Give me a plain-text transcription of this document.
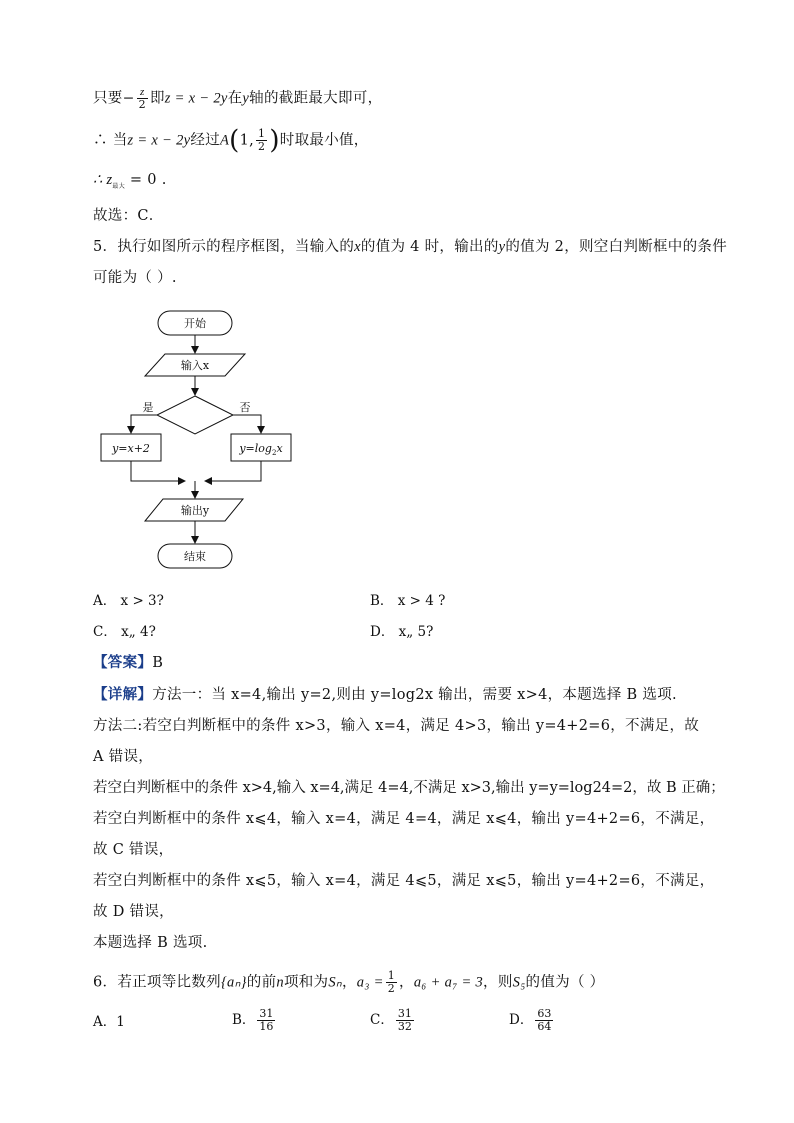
只要− $\frac{z}{2}$ 即z = x − 2y在y轴的截距最大即可，
∴ 当z = x − 2y经过A(1, $\frac{1}{2}$ )时取最小值，
∴ $z_{最大} = 0$ .
故选：C．
5．执行如图所示的程序框图，当输入的x的值为 4 时，输出的y的值为 2，则空白判断框中的条件
可能为（ ）.
开始
输入x
是	否
y=x+2	$y=\log_2x$
输出y
结束
A． x > 3?	B． x > 4 ?
C． x„ 4?	D． x„ 5?
【答案】B
【详解】方法一：当 x=4,输出 y=2,则由 y=log2x 输出，需要 x>4，本题选择 B 选项.
方法二:若空白判断框中的条件 x>3，输入 x=4，满足 4>3，输出 y=4+2=6，不满足，故
A 错误，
若空白判断框中的条件 x>4,输入 x=4,满足 4=4,不满足 x>3,输出 y=y=log24=2，故 B 正确；
若空白判断框中的条件 x⩽4，输入 x=4，满足 4=4，满足 x⩽4，输出 y=4+2=6，不满足，
故 C 错误，
若空白判断框中的条件 x⩽5，输入 x=4，满足 4⩽5，满足 x⩽5，输出 y=4+2=6，不满足，
故 D 错误，
本题选择 B 选项.
6．若正项等比数列{aₙ}的前n项和为Sₙ，$a_3 = \frac{1}{2}$ ，a₆ + a₇ = 3，则S₅的值为（ ）
A．1	B． $\frac{31}{16}$	C． $\frac{31}{32}$	D． $\frac{63}{64}$
